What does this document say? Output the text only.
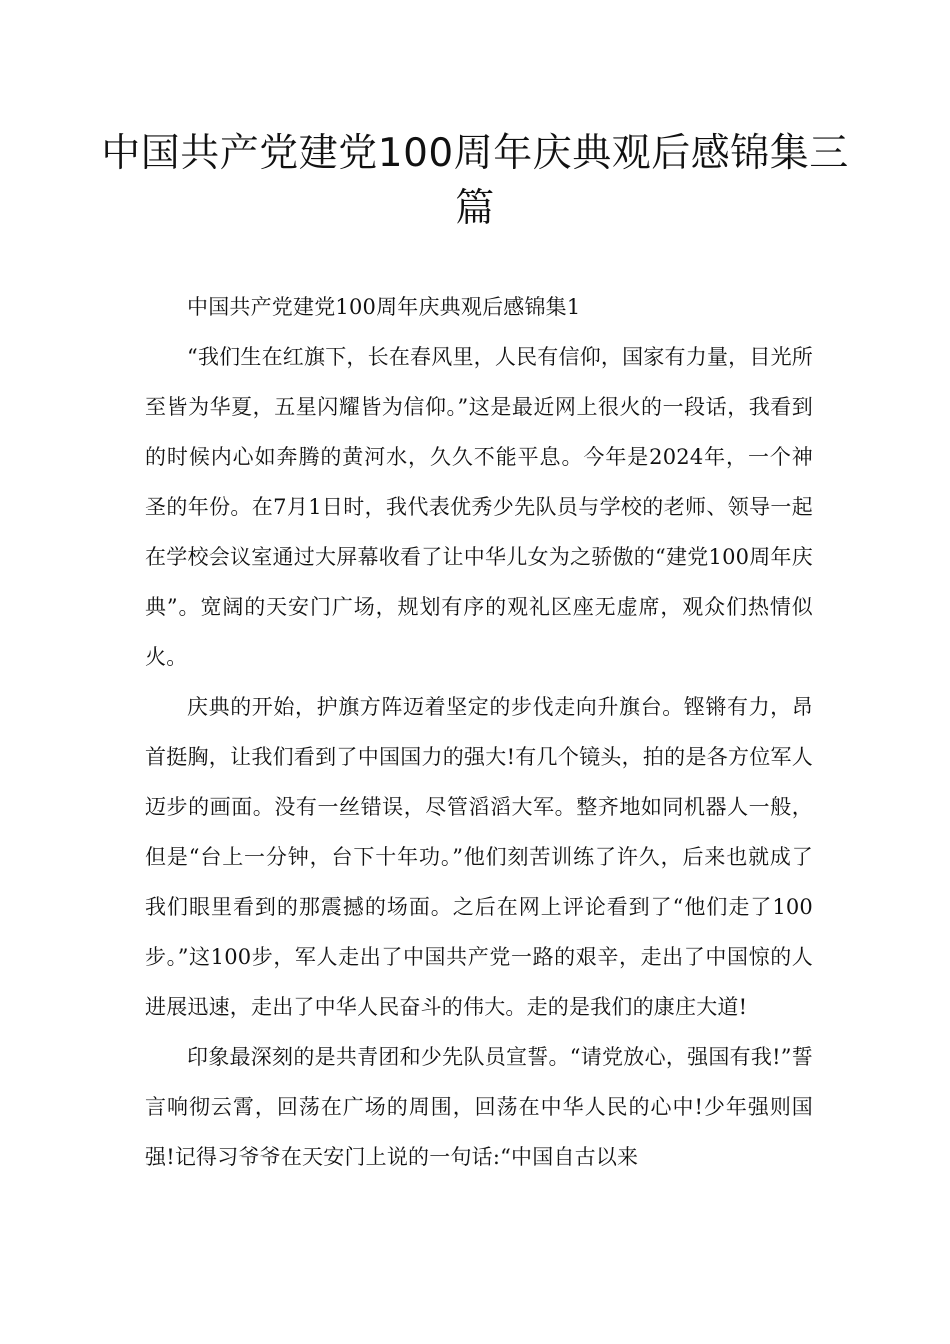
中国共产党建党100周年庆典观后感锦集三篇

中国共产党建党100周年庆典观后感锦集1

“我们生在红旗下，长在春风里，人民有信仰，国家有力量，目光所至皆为华夏，五星闪耀皆为信仰。”这是最近网上很火的一段话，我看到的时候内心如奔腾的黄河水，久久不能平息。今年是2024年，一个神圣的年份。在7月1日时，我代表优秀少先队员与学校的老师、领导一起在学校会议室通过大屏幕收看了让中华儿女为之骄傲的“建党100周年庆典”。宽阔的天安门广场，规划有序的观礼区座无虚席，观众们热情似火。

庆典的开始，护旗方阵迈着坚定的步伐走向升旗台。铿锵有力，昂首挺胸，让我们看到了中国国力的强大!有几个镜头，拍的是各方位军人迈步的画面。没有一丝错误，尽管滔滔大军。整齐地如同机器人一般，但是“台上一分钟，台下十年功。”他们刻苦训练了许久，后来也就成了我们眼里看到的那震撼的场面。之后在网上评论看到了“他们走了100步。”这100步，军人走出了中国共产党一路的艰辛，走出了中国惊的人进展迅速，走出了中华人民奋斗的伟大。走的是我们的康庄大道!

印象最深刻的是共青团和少先队员宣誓。“请党放心，强国有我!”誓言响彻云霄，回荡在广场的周围，回荡在中华人民的心中!少年强则国强!记得习爷爷在天安门上说的一句话:“中国自古以来
